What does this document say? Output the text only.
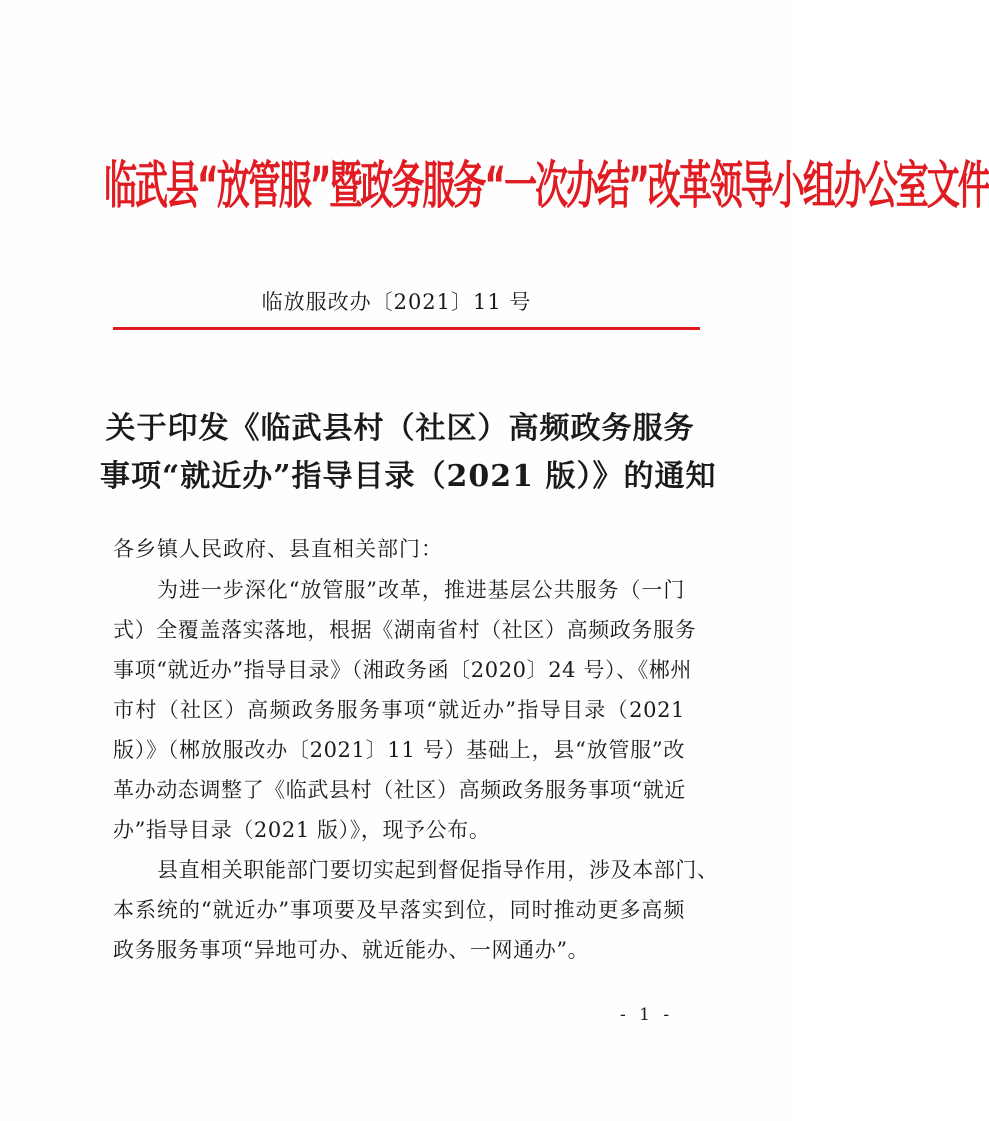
临武县“放管服”暨政务服务“一次办结”改革领导小组办公室文件
临放服改办〔2021〕11 号
关于印发《临武县村（社区）高频政务服务
事项“就近办”指导目录（2021 版）》的通知
各乡镇人民政府、县直相关部门：
为进一步深化“放管服”改革，推进基层公共服务（一门
式）全覆盖落实落地，根据《湖南省村（社区）高频政务服务
事项“就近办”指导目录》（湘政务函〔2020〕24 号）、《郴州
市村（社区）高频政务服务事项“就近办”指导目录（2021
版）》（郴放服改办〔2021〕11 号）基础上，县“放管服”改
革办动态调整了《临武县村（社区）高频政务服务事项“就近
办”指导目录（2021 版）》，现予公布。
县直相关职能部门要切实起到督促指导作用，涉及本部门、
本系统的“就近办”事项要及早落实到位，同时推动更多高频
政务服务事项“异地可办、就近能办、一网通办”。
- 1 -
